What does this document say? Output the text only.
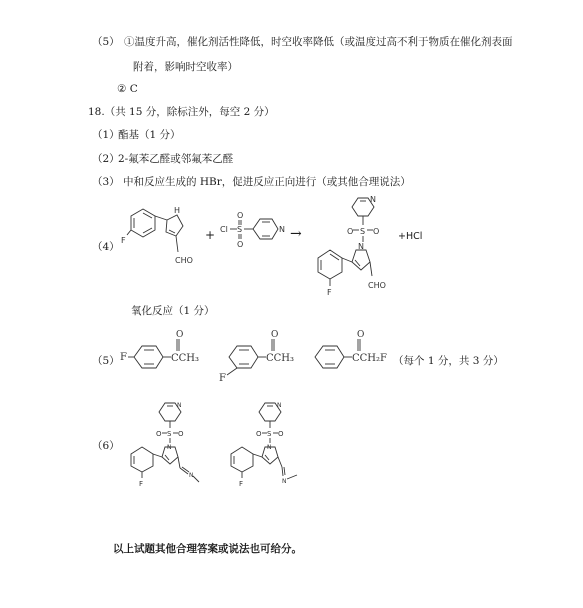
（5） ①温度升高，催化剂活性降低，时空收率降低（或温度过高不利于物质在催化剂表面
附着，影响时空收率）
② C
18.（共 15 分，除标注外，每空 2 分）
（1）
酯基（1 分）
（2）
2-氟苯乙醛或邻氟苯乙醛
（3） 中和反应生成的 HBr，促进反应正向进行（或其他合理说法）
（4）
F
H
CHO
+ Cl S
O
O
N →
N
S
O O
N
CHO
F
+HCl
氧化反应（1 分）
（5） F	CCH₃
O
F
CCH₃
O
CCH₂F
O
（每个 1 分，共 3 分）
（6）
N
S
O O
N
F
N
N
S
O O
N
F	N
以上试题其他合理答案或说法也可给分。
